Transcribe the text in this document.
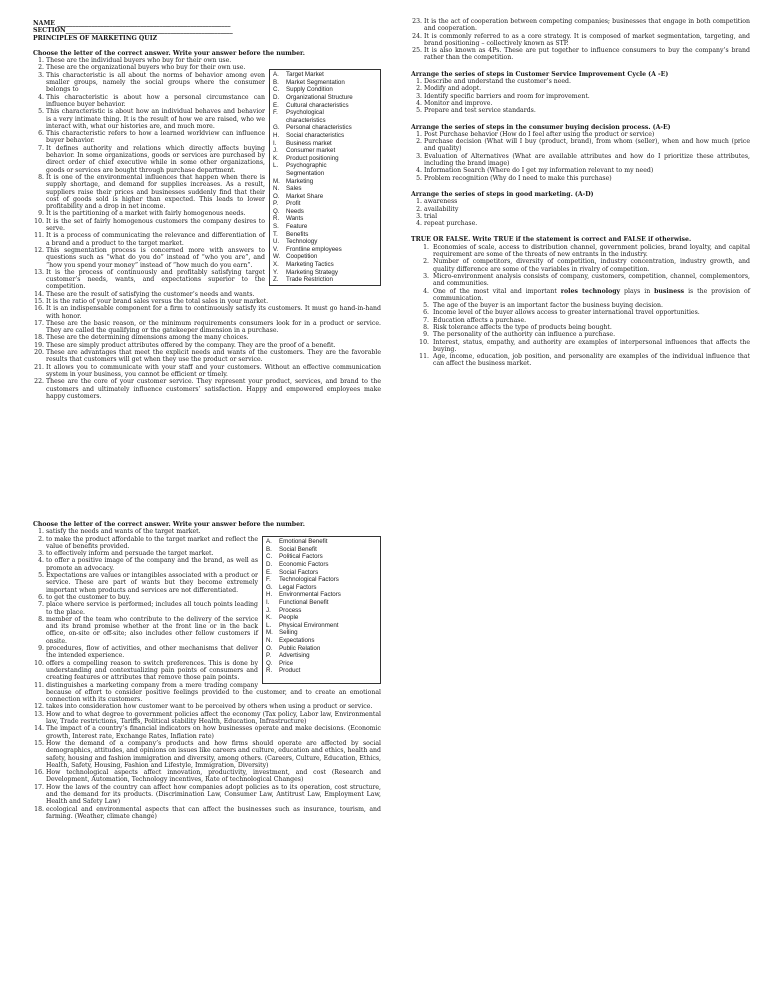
NAME ________________________________________________________
SECTION______________________________________________________
PRINCIPLES OF MARKETING QUIZ
Choose the letter of the correct answer. Write your answer before the number.
A. Target Market
B. Market Segmentation
C. Supply Condition
D. Organizational Structure
E. Cultural characteristics
F. Psychological
characteristics
G. Personal characteristics
H. Social characteristics
I. Business market
J. Consumer market
K. Product positioning
L. Psychographic
Segmentation
M. Marketing
N. Sales
O. Market Share
P. Profit
Q. Needs
R. Wants
S. Feature
T. Benefits
U. Technology
V. Frontline employees
W. Coopetition
X. Marketing Tactics
Y. Marketing Strategy
Z. Trade Restriction
1. These are the individual buyers who buy for their own use.
2. These are the organizational buyers who buy for their own use.
3. This characteristic is all about the norms of behavior among even smaller groups, namely the social groups where the consumer belongs to
4. This characteristic is about how a personal circumstance can influence buyer behavior.
5. This characteristic is about how an individual behaves and behavior is a very intimate thing. It is the result of how we are raised, who we interact with, what our histories are, and much more.
6. This characteristic refers to how a learned worldview can influence buyer behavior.
7. It defines authority and relations which directly affects buying behavior. In some organizations, goods or services are purchased by direct order of chief executive while in some other organizations, goods or services are bought through purchase department.
8. It is one of the environmental influences that happen when there is supply shortage, and demand for supplies increases. As a result, suppliers raise their prices and businesses suddenly find that their cost of goods sold is higher than expected. This leads to lower profitability and a drop in net income.
9. It is the partitioning of a market with fairly homogenous needs.
10. It is the set of fairly homogenous customers the company desires to serve.
11. It is a process of communicating the relevance and differentiation of a brand and a product to the target market.
12. This segmentation process is concerned more with answers to questions such as “what do you do” instead of “who you are”, and “how you spend your money” instead of “how much do you earn”.
13. It is the process of continuously and profitably satisfying target customer’s needs, wants, and expectations superior to the competition.
14. These are the result of satisfying the customer’s needs and wants.
15. It is the ratio of your brand sales versus the total sales in your market.
16. It is an indispensable component for a firm to continuously satisfy its customers. It must go hand-in-hand with honor.
17. These are the basic reason, or the minimum requirements consumers look for in a product or service. They are called the qualifying or the gatekeeper dimension in a purchase.
18. These are the determining dimensions among the many choices.
19. These are simply product attributes offered by the company. They are the proof of a benefit.
20. These are advantages that meet the explicit needs and wants of the customers. They are the favorable results that customers will get when they use the product or service.
21. It allows you to communicate with your staff and your customers. Without an effective communication system in your business, you cannot be efficient or timely.
22. These are the core of your customer service. They represent your product, services, and brand to the customers and ultimately influence customers’ satisfaction. Happy and empowered employees make happy customers.
23. It is the act of cooperation between competing companies; businesses that engage in both competition and cooperation.
24. It is commonly referred to as a core strategy. It is composed of market segmentation, targeting, and brand positioning – collectively known as STP.
25. It is also known as 4Ps. These are put together to influence consumers to buy the company’s brand rather than the competition.
Arrange the series of steps in Customer Service Improvement Cycle (A -E)
1. Describe and understand the customer’s need.
2. Modify and adopt.
3. Identify specific barriers and room for improvement.
4. Monitor and improve.
5. Prepare and test service standards.
Arrange the series of steps in the consumer buying decision process. (A-E)
1. Post Purchase behavior (How do I feel after using the product or service)
2. Purchase decision (What will I buy (product, brand), from whom (seller), when and how much (price and quality)
3. Evaluation of Alternatives (What are available attributes and how do I prioritize these attributes, including the brand image)
4. Information Search (Where do I get my information relevant to my need)
5. Problem recognition (Why do I need to make this purchase)
Arrange the series of steps in good marketing. (A-D)
1. awareness
2. availability
3. trial
4. repeat purchase.
TRUE OR FALSE. Write TRUE if the statement is correct and FALSE if otherwise.
1. Economies of scale, access to distribution channel, government policies, brand loyalty, and capital requirement are some of the threats of new entrants in the industry.
2. Number of competitors, diversity of competition, industry concentration, industry growth, and quality difference are some of the variables in rivalry of competition.
3. Micro-environment analysis consists of company, customers, competition, channel, complementors, and communities.
4. One of the most vital and important roles technology plays in business is the provision of communication.
5. The age of the buyer is an important factor the business buying decision.
6. Income level of the buyer allows access to greater international travel opportunities.
7. Education affects a purchase.
8. Risk tolerance affects the type of products being bought.
9. The personality of the authority can influence a purchase.
10. Interest, status, empathy, and authority are examples of interpersonal influences that affects the buying.
11. Age, income, education, job position, and personality are examples of the individual influence that can affect the business market.
Choose the letter of the correct answer. Write your answer before the number.
A. Emotional Benefit
B. Social Benefit
C. Political Factors
D. Economic Factors
E. Social Factors
F. Technological Factors
G. Legal Factors
H. Environmental Factors
I. Functional Benefit
J. Process
K. People
L. Physical Environment
M. Selling
N. Expectations
O. Public Relation
P. Advertising
Q. Price
R. Product
1. satisfy the needs and wants of the target market.
2. to make the product affordable to the target market and reflect the value of benefits provided.
3. to effectively inform and persuade the target market.
4. to offer a positive image of the company and the brand, as well as promote an advocacy.
5. Expectations are values or intangibles associated with a product or service. These are part of wants but they become extremely important when products and services are not differentiated.
6. to get the customer to buy.
7. place where service is performed; includes all touch points leading to the place.
8. member of the team who contribute to the delivery of the service and its brand promise whether at the front line or in the back office, on-site or off-site; also includes other fellow customers if onsite.
9. procedures, flow of activities, and other mechanisms that deliver the intended experience.
10. offers a compelling reason to switch preferences. This is done by understanding and contextualizing pain points of consumers and creating features or attributes that remove those pain points.
11. distinguishes a marketing company from a mere trading company because of effort to consider positive feelings provided to the customer, and to create an emotional connection with its customers.
12. takes into consideration how customer want to be perceived by others when using a product or service.
13. How and to what degree to government policies affect the economy (Tax policy, Labor law, Environmental law, Trade restrictions, Tariffs, Political stability Health, Education, Infrastructure)
14. The impact of a country’s financial indicators on how businesses operate and make decisions. (Economic growth, Interest rate, Exchange Rates, Inflation rate)
15. How the demand of a company’s products and how firms should operate are affected by social demographics, attitudes, and opinions on issues like careers and culture, education and ethics, health and safety, housing and fashion immigration and diversity, among others. (Careers, Culture, Education, Ethics, Health, Safety, Housing, Fashion and Lifestyle, Immigration, Diversity)
16. How technological aspects affect innovation, productivity, investment, and cost (Research and Development, Automation, Technology incentives, Rate of technological Changes)
17. How the laws of the country can affect how companies adopt policies as to its operation, cost structure, and the demand for its products. (Discrimination Law, Consumer Law, Antitrust Law, Employment Law, Health and Safety Law)
18. ecological and environmental aspects that can affect the businesses such as insurance, tourism, and farming. (Weather, climate change)
